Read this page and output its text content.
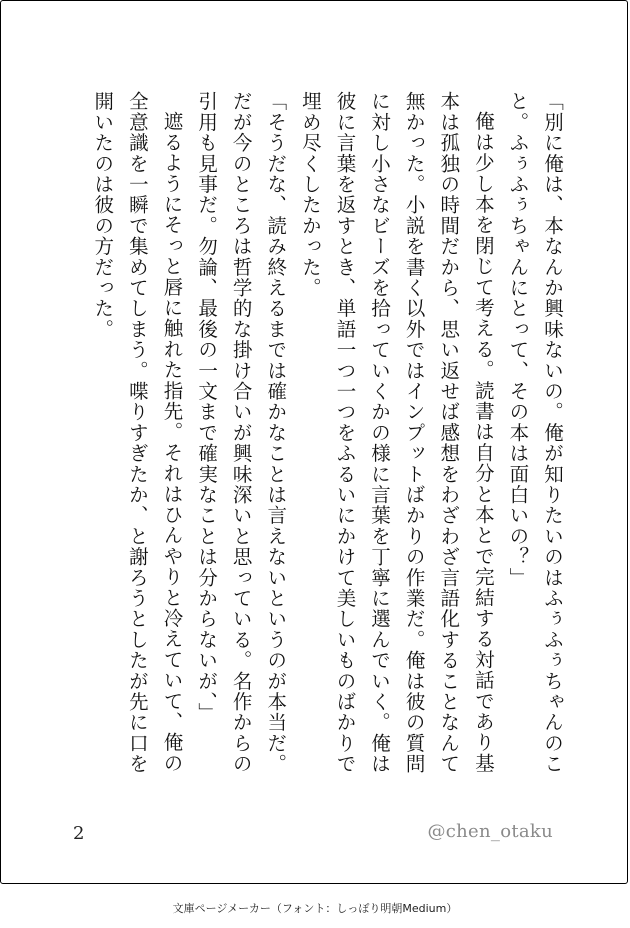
「別に俺は、本なんか興味ないの。俺が知りたいのはふぅふぅちゃんのこと。ふぅふぅちゃんにとって、その本は面白いの？」

俺は少し本を閉じて考える。読書は自分と本とで完結する対話であり基本は孤独の時間だから、思い返せば感想をわざわざ言語化することなんて無かった。小説を書く以外ではインプットばかりの作業だ。俺は彼の質問に対し小さなビーズを拾っていくかの様に言葉を丁寧に選んでいく。俺は彼に言葉を返すとき、単語一つ一つをふるいにかけて美しいものばかりで埋め尽くしたかった。

「そうだな、読み終えるまでは確かなことは言えないというのが本当だ。だが今のところは哲学的な掛け合いが興味深いと思っている。名作からの引用も見事だ。勿論、最後の一文まで確実なことは分からないが、」

遮るようにそっと唇に触れた指先。それはひんやりと冷えていて、俺の全意識を一瞬で集めてしまう。喋りすぎたか、と謝ろうとしたが先に口を開いたのは彼の方だった。

2	@chen_otaku
文庫ページメーカー（フォント：しっぽり明朝Medium）
